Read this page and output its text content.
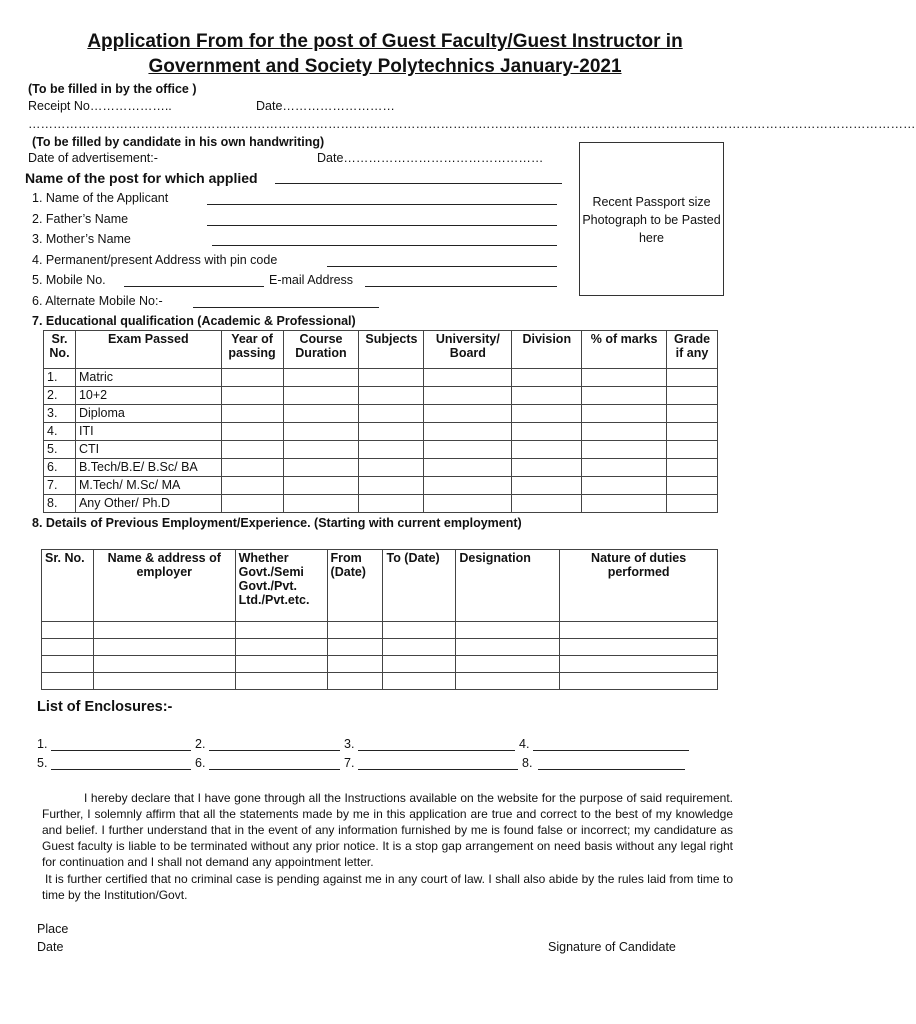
Application From for the post of Guest Faculty/Guest Instructor in
Government and Society Polytechnics January-2021
(To be filled in by the office )
Receipt No………………..	Date………………………
……………………………………………………………………………………………………………………………………………………………………………………………
(To be filled by candidate in his own handwriting)
Date of advertisement:-	Date…………………………………………
Name of the post for which applied
Recent Passport size Photograph to be Pasted here
1. Name of the Applicant
2. Father’s Name
3. Mother’s Name
4. Permanent/present Address with pin code
5. Mobile No.	E-mail Address
6. Alternate Mobile No:-
7. Educational qualification (Academic & Professional)
Sr. No.	Exam Passed	Year of passing	Course Duration	Subjects	University/ Board	Division	% of marks	Grade if any
1.	Matric							
2.	10+2							
3.	Diploma							
4.	ITI							
5.	CTI							
6.	B.Tech/B.E/ B.Sc/ BA							
7.	M.Tech/ M.Sc/ MA							
8.	Any Other/ Ph.D							
8. Details of Previous Employment/Experience. (Starting with current employment)
Sr. No.	Name & address of employer	Whether Govt./Semi Govt./Pvt. Ltd./Pvt.etc.	From (Date)	To (Date)	Designation	Nature of duties performed

List of Enclosures:-
1.	2.	3.	4.
5.	6.	7.	8.
I hereby declare that I have gone through all the Instructions available on the website for the purpose of said requirement. Further, I solemnly affirm that all the statements made by me in this application are true and correct to the best of my knowledge and belief. I further understand that in the event of any information furnished by me is found false or incorrect; my candidature as Guest faculty is liable to be terminated without any prior notice. It is a stop gap arrangement on need basis without any legal right for continuation and I shall not demand any appointment letter.
It is further certified that no criminal case is pending against me in any court of law. I shall also abide by the rules laid from time to time by the Institution/Govt.
Place
Date	Signature of Candidate
